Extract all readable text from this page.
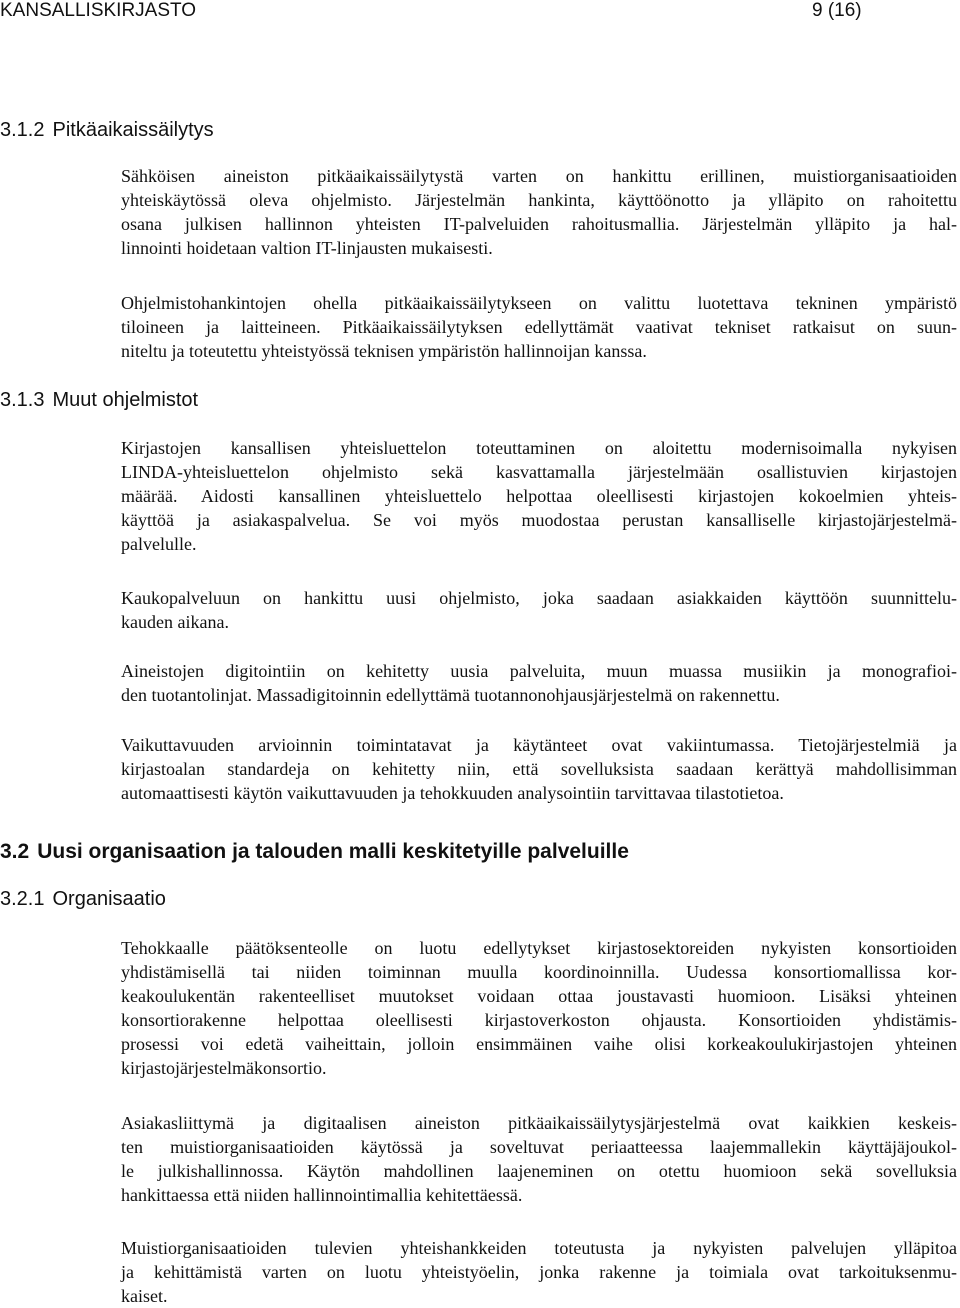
KANSALLISKIRJASTO	9 (16)
3.1.2 Pitkäaikaissäilytys
Sähköisen aineiston pitkäaikaissäilytystä varten on hankittu erillinen, muistiorganisaatioiden
yhteiskäytössä oleva ohjelmisto. Järjestelmän hankinta, käyttöönotto ja ylläpito on rahoitettu
osana julkisen hallinnon yhteisten IT-palveluiden rahoitusmallia. Järjestelmän ylläpito ja hal-
linnointi hoidetaan valtion IT-linjausten mukaisesti.
Ohjelmistohankintojen ohella pitkäaikaissäilytykseen on valittu luotettava tekninen ympäristö
tiloineen ja laitteineen. Pitkäaikaissäilytyksen edellyttämät vaativat tekniset ratkaisut on suun-
niteltu ja toteutettu yhteistyössä teknisen ympäristön hallinnoijan kanssa.
3.1.3 Muut ohjelmistot
Kirjastojen kansallisen yhteisluettelon toteuttaminen on aloitettu modernisoimalla nykyisen
LINDA-yhteisluettelon ohjelmisto sekä kasvattamalla järjestelmään osallistuvien kirjastojen
määrää. Aidosti kansallinen yhteisluettelo helpottaa oleellisesti kirjastojen kokoelmien yhteis-
käyttöä ja asiakaspalvelua. Se voi myös muodostaa perustan kansalliselle kirjastojärjestelmä-
palvelulle.
Kaukopalveluun on hankittu uusi ohjelmisto, joka saadaan asiakkaiden käyttöön suunnittelu-
kauden aikana.
Aineistojen digitointiin on kehitetty uusia palveluita, muun muassa musiikin ja monografioi-
den tuotantolinjat. Massadigitoinnin edellyttämä tuotannonohjausjärjestelmä on rakennettu.
Vaikuttavuuden arvioinnin toimintatavat ja käytänteet ovat vakiintumassa. Tietojärjestelmiä ja
kirjastoalan standardeja on kehitetty niin, että sovelluksista saadaan kerättyä mahdollisimman
automaattisesti käytön vaikuttavuuden ja tehokkuuden analysointiin tarvittavaa tilastotietoa.
3.2 Uusi organisaation ja talouden malli keskitetyille palveluille
3.2.1 Organisaatio
Tehokkaalle päätöksenteolle on luotu edellytykset kirjastosektoreiden nykyisten konsortioiden
yhdistämisellä tai niiden toiminnan muulla koordinoinnilla. Uudessa konsortiomallissa kor-
keakoulukentän rakenteelliset muutokset voidaan ottaa joustavasti huomioon. Lisäksi yhteinen
konsortiorakenne helpottaa oleellisesti kirjastoverkoston ohjausta. Konsortioiden yhdistämis-
prosessi voi edetä vaiheittain, jolloin ensimmäinen vaihe olisi korkeakoulukirjastojen yhteinen
kirjastojärjestelmäkonsortio.
Asiakasliittymä ja digitaalisen aineiston pitkäaikaissäilytysjärjestelmä ovat kaikkien keskeis-
ten muistiorganisaatioiden käytössä ja soveltuvat periaatteessa laajemmallekin käyttäjäjoukol-
le julkishallinnossa. Käytön mahdollinen laajeneminen on otettu huomioon sekä sovelluksia
hankittaessa että niiden hallinnointimallia kehitettäessä.
Muistiorganisaatioiden tulevien yhteishankkeiden toteutusta ja nykyisten palvelujen ylläpitoa
ja kehittämistä varten on luotu yhteistyöelin, jonka rakenne ja toimiala ovat tarkoituksenmu-
kaiset.
